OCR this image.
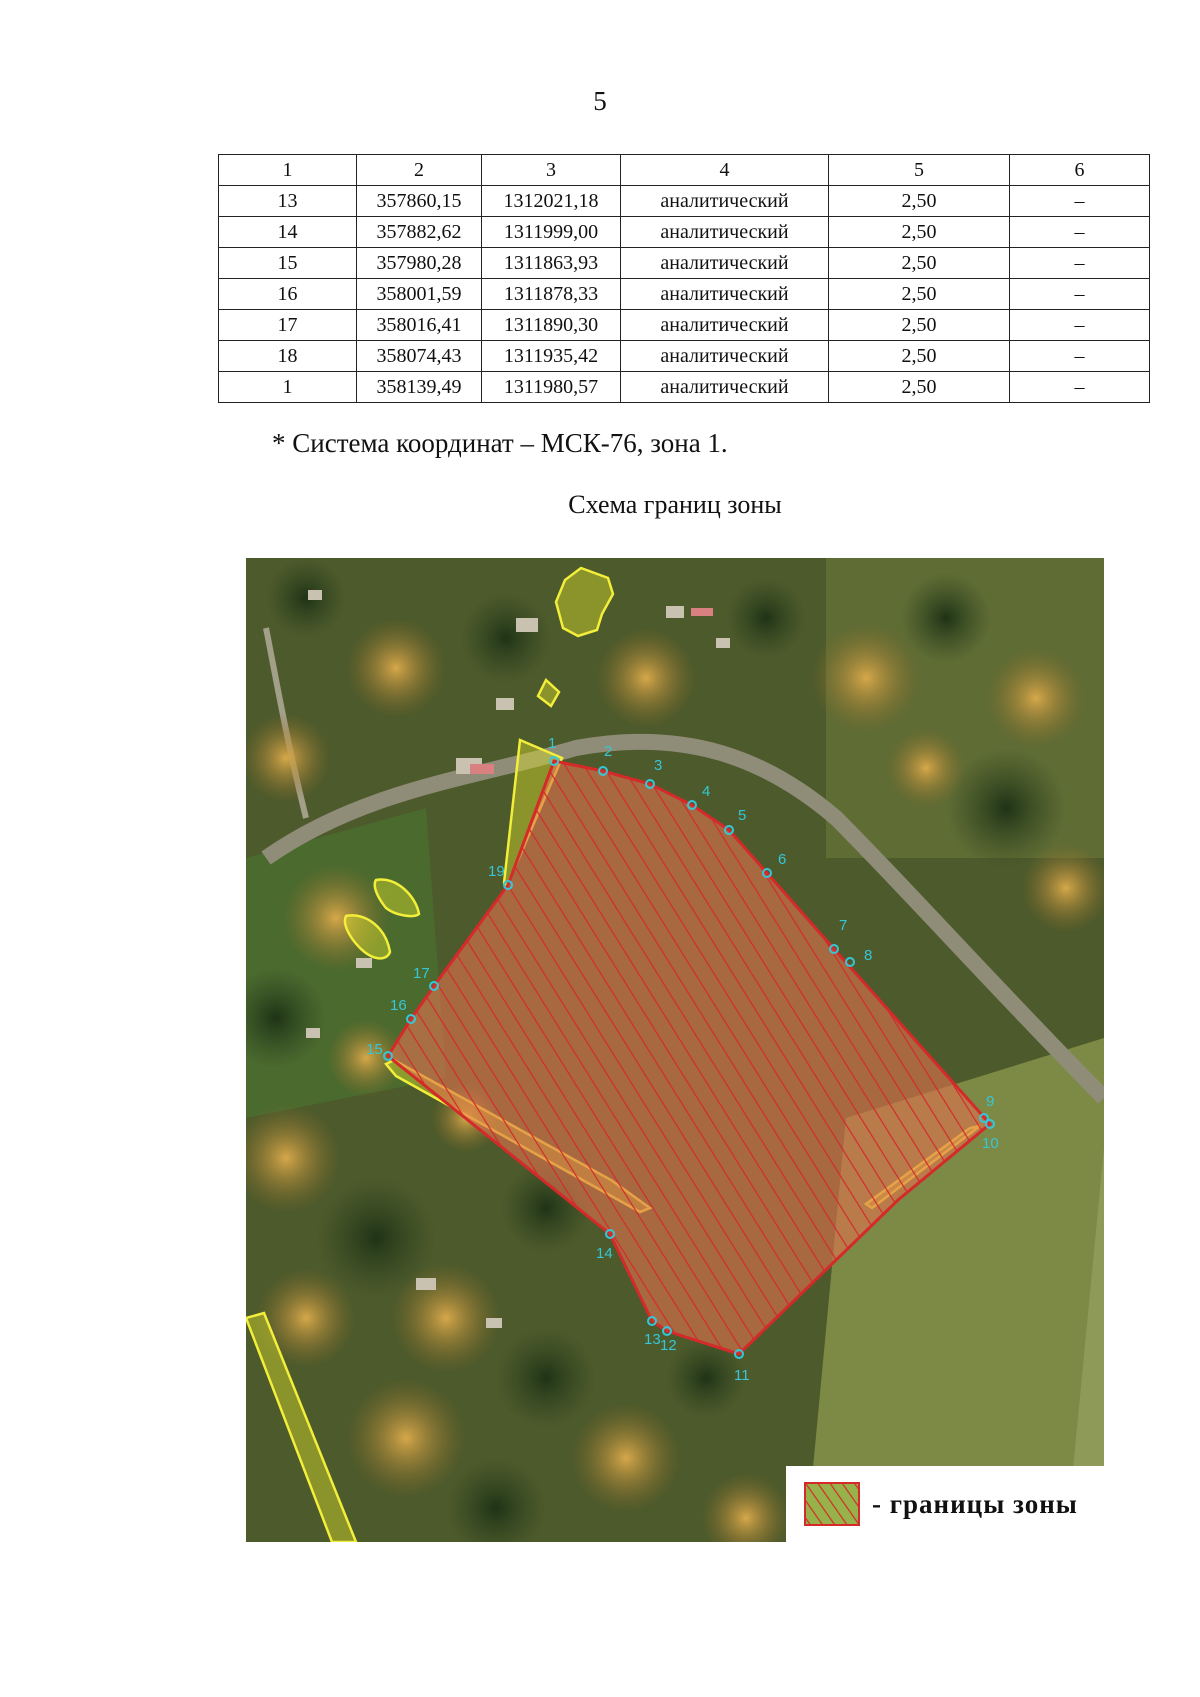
5
1	2	3	4	5	6
13	357860,15	1312021,18	аналитический	2,50	–
14	357882,62	1311999,00	аналитический	2,50	–
15	357980,28	1311863,93	аналитический	2,50	–
16	358001,59	1311878,33	аналитический	2,50	–
17	358016,41	1311890,30	аналитический	2,50	–
18	358074,43	1311935,42	аналитический	2,50	–
1	358139,49	1311980,57	аналитический	2,50	–
* Система координат – МСК-76, зона 1.
Схема границ зоны
1	2
3
4
5
6
7
8
9
10
11
12
13
14
15
16
17
19
- границы зоны
